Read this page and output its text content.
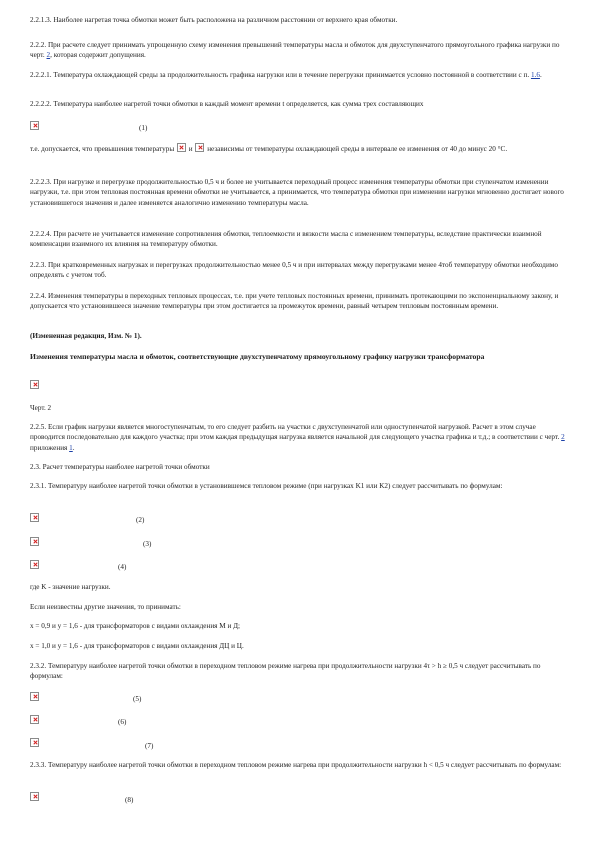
2.2.1.3. Наиболее нагретая точка обмотки может быть расположена на различном расстоянии от верхнего края обмотки.
2.2.2. При расчете следует принимать упрощенную схему изменения превышений температуры масла и обмоток для двухступенчатого прямоугольного графика нагрузки по черт. 2, которая содержит допущения.
2.2.2.1. Температура охлаждающей среды за продолжительность графика нагрузки или в течение перегрузки принимается условно постоянной в соответствии с п. 1.6.
2.2.2.2. Температура наиболее нагретой точки обмотки в каждый момент времени t определяется, как сумма трех составляющих
(1)
т.е. допускается, что превышения температуры  и  независимы от температуры охлаждающей среды в интервале ее изменения от 40 до минус 20 °С.
2.2.2.3. При нагрузке и перегрузке продолжительностью 0,5 ч и более не учитывается переходный процесс изменения температуры обмотки при ступенчатом изменении нагрузки, т.е. при этом тепловая постоянная времени обмотки не учитывается, а принимается, что температура обмотки при изменении нагрузки мгновенно достигает нового установившегося значения и далее изменяется аналогично изменению температуры масла.
2.2.2.4. При расчете не учитывается изменение сопротивления обмотки, теплоемкости и вязкости масла с изменением температуры, вследствие практически взаимной компенсации взаимного их влияния на температуру обмотки.
2.2.3. При кратковременных нагрузках и перегрузках продолжительностью менее 0,5 ч и при интервалах между перегрузками менее 4тоб температуру обмотки необходимо определять с учетом тоб.
2.2.4. Изменения температуры в переходных тепловых процессах, т.е. при учете тепловых постоянных времени, принимать протекающими по экспоненциальному закону, и допускается что установившееся значение температуры при этом достигается за промежуток времени, равный четырем тепловым постоянным времени.
(Измененная редакция, Изм. № 1).
Изменения температуры масла и обмоток, соответствующие двухступенчатому прямоугольному графику нагрузки трансформатора
Черт. 2
2.2.5. Если график нагрузки является многоступенчатым, то его следует разбить на участки с двухступенчатой или одноступенчатой нагрузкой. Расчет в этом случае проводится последовательно для каждого участка; при этом каждая предыдущая нагрузка является начальной для следующего участка графика и т.д.; в соответствии с черт. 2 приложения 1.
2.3. Расчет температуры наиболее нагретой точки обмотки
2.3.1. Температуру наиболее нагретой точки обмотки в установившемся тепловом режиме (при нагрузках K1 или K2) следует рассчитывать по формулам:
(2)
(3)
(4)
где K - значение нагрузки.
Если неизвестны другие значения, то принимать:
x = 0,9 и y = 1,6 - для трансформаторов с видами охлаждения М и Д;
x = 1,0 и y = 1,6 - для трансформаторов с видами охлаждения ДЦ и Ц.
2.3.2. Температуру наиболее нагретой точки обмотки в переходном тепловом режиме нагрева при продолжительности нагрузки 4τ > h ≥ 0,5 ч следует рассчитывать по формулам:
(5)
(6)
(7)
2.3.3. Температуру наиболее нагретой точки обмотки в переходном тепловом режиме нагрева при продолжительности нагрузки h < 0,5 ч следует рассчитывать по формулам:
(8)
